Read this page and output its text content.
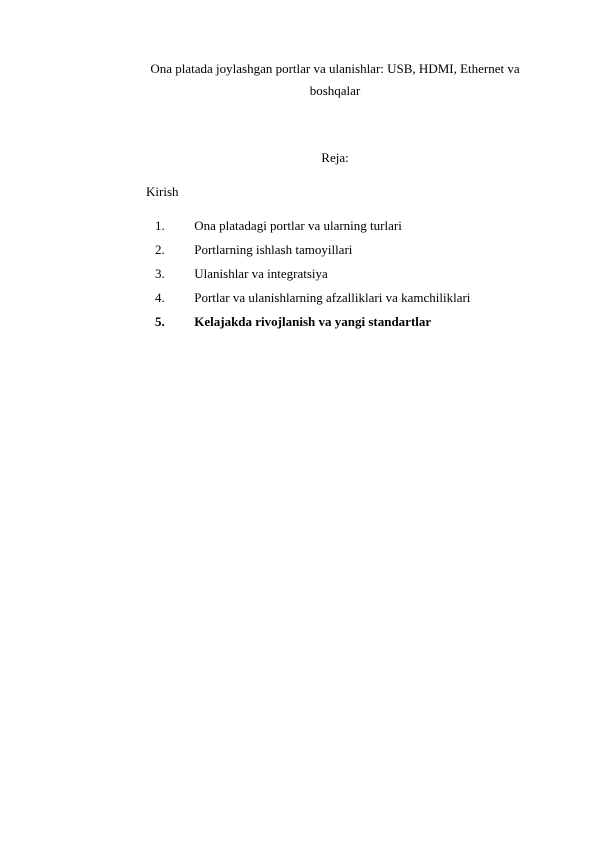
Ona platada joylashgan portlar va ulanishlar: USB, HDMI, Ethernet va
boshqalar
Reja:
Kirish
1. Ona platadagi portlar va ularning turlari
2. Portlarning ishlash tamoyillari
3. Ulanishlar va integratsiya
4. Portlar va ulanishlarning afzalliklari va kamchiliklari
5. Kelajakda rivojlanish va yangi standartlar
